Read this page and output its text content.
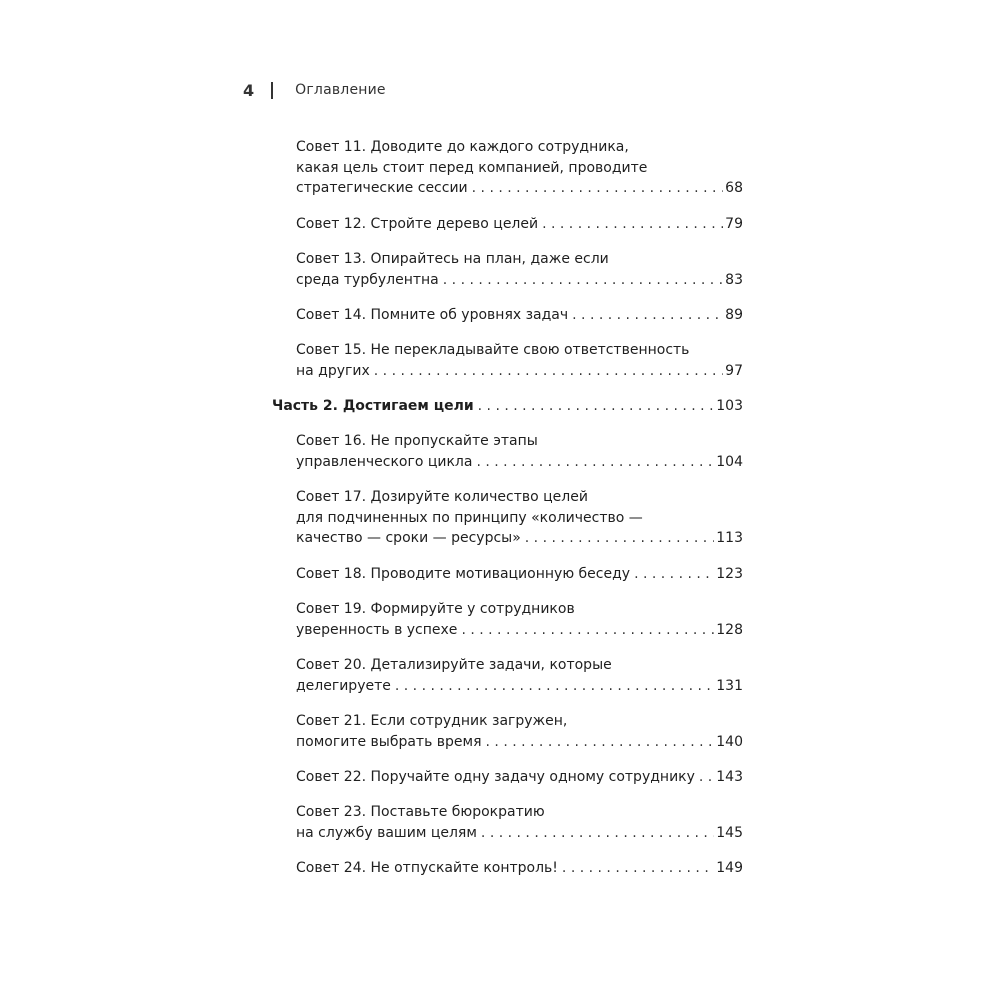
4	Оглавление
Совет 11. Доводите до каждого сотрудника,
какая цель стоит перед компанией, проводите
стратегические сессии . . .	68
Совет 12. Стройте дерево целей . . .	79
Совет 13. Опирайтесь на план, даже если
среда турбулентна . . .	83
Совет 14. Помните об уровнях задач . . .	89
Совет 15. Не перекладывайте свою ответственность
на других . . .	97
Часть 2. Достигаем цели . . .	103
Совет 16. Не пропускайте этапы
управленческого цикла . . .	104
Совет 17. Дозируйте количество целей
для подчиненных по принципу «количество —
качество — сроки — ресурсы» . . .	113
Совет 18. Проводите мотивационную беседу . . .	123
Совет 19. Формируйте у сотрудников
уверенность в успехе . . .	128
Совет 20. Детализируйте задачи, которые
делегируете . . .	131
Совет 21. Если сотрудник загружен,
помогите выбрать время . . .	140
Совет 22. Поручайте одну задачу одному сотруднику . . . 143
Совет 23. Поставьте бюрократию
на службу вашим целям . . .	145
Совет 24. Не отпускайте контроль! . . .	149
